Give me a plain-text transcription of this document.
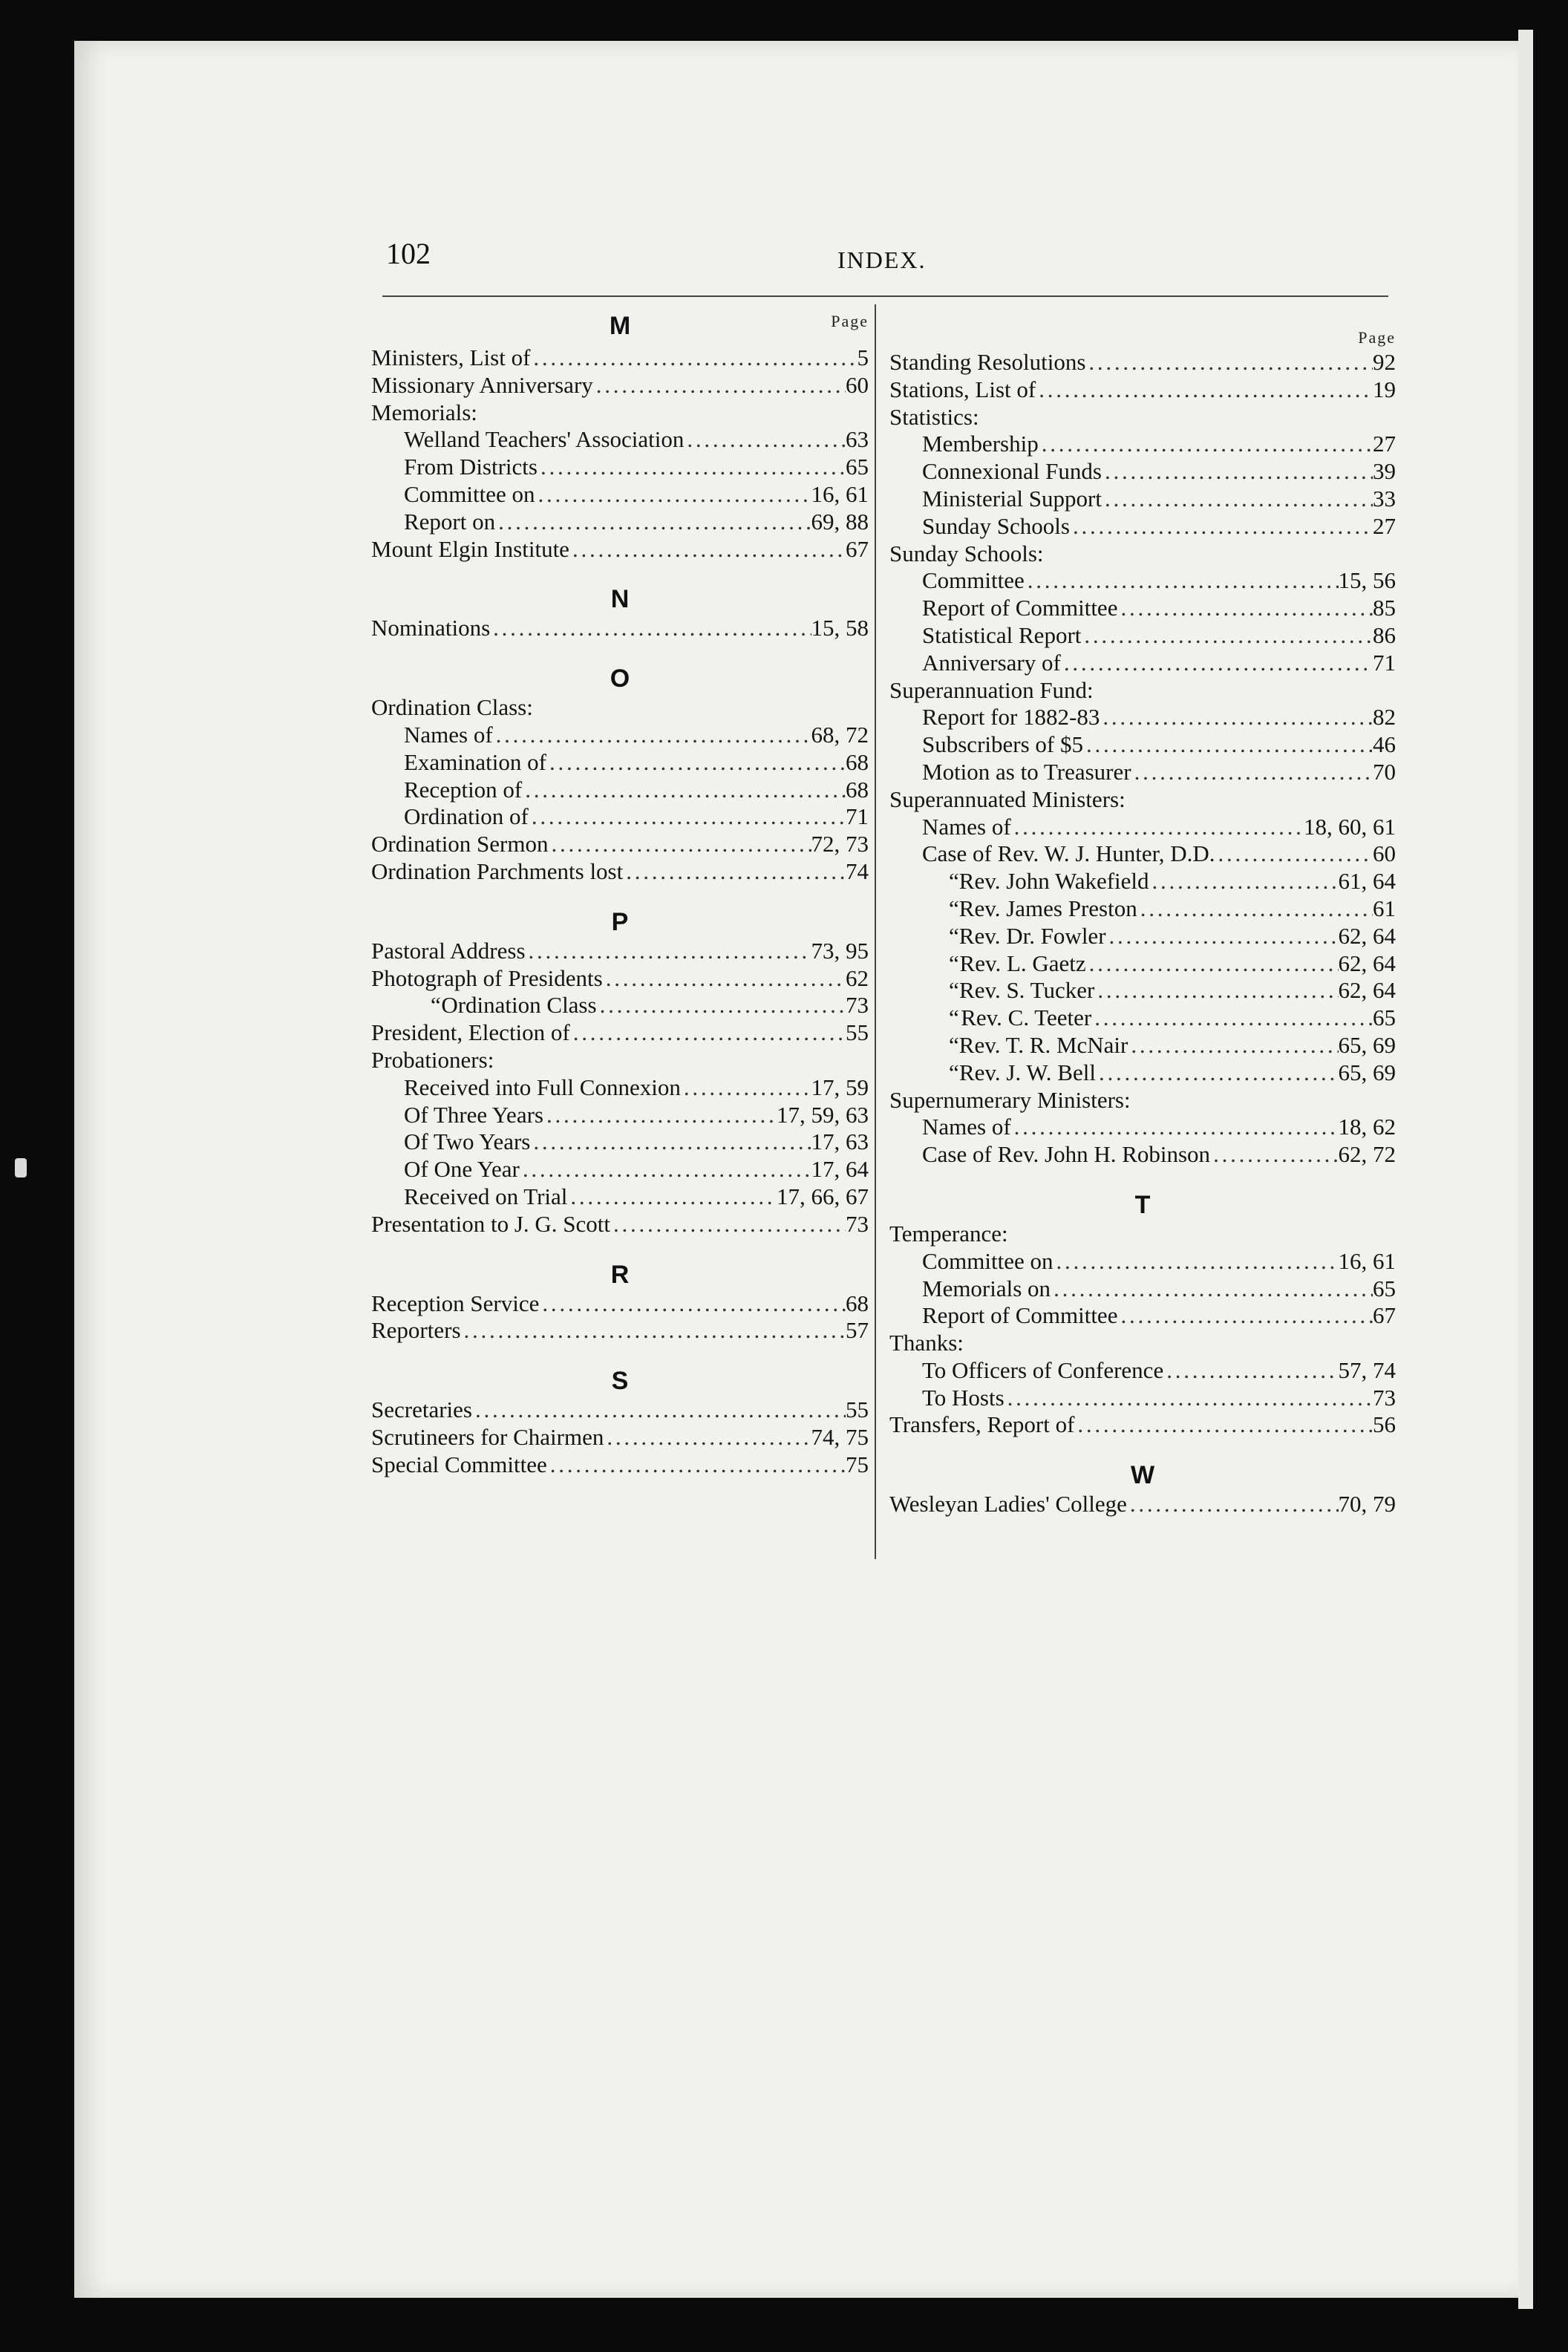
102	INDEX.
Page
M
Ministers, List of . . .	5
Missionary Anniversary . . .	60
Memorials:
Welland Teachers' Association . . .	63
From Districts . . .	65
Committee on . . .	16, 61
Report on . . .	69, 88
Mount Elgin Institute . . .	67
N
Nominations . . .	15, 58
O
Ordination Class:
Names of . . .	68, 72
Examination of . . .	68
Reception of . . .	68
Ordination of . . .	71
Ordination Sermon . . .	72, 73
Ordination Parchments lost . . .	74
P
Pastoral Address . . .	73, 95
Photograph of Presidents . . .	62
“ Ordination Class . . .	73
President, Election of . . .	55
Probationers:
Received into Full Connexion . . .	17, 59
Of Three Years . . .	17, 59, 63
Of Two Years . . .	17, 63
Of One Year . . .	17, 64
Received on Trial . . .	17, 66, 67
Presentation to J. G. Scott . . .	73
R
Reception Service . . .	68
Reporters . . .	57
S
Secretaries . . .	55
Scrutineers for Chairmen . . .	74, 75
Special Committee . . .	75
Page
Standing Resolutions . . .	92
Stations, List of . . .	19
Statistics:
Membership . . .	27
Connexional Funds . . .	39
Ministerial Support . . .	33
Sunday Schools . . .	27
Sunday Schools:
Committee . . .	15, 56
Report of Committee . . .	85
Statistical Report . . .	86
Anniversary of . . .	71
Superannuation Fund:
Report for 1882-83 . . .	82
Subscribers of $5 . . .	46
Motion as to Treasurer . . .	70
Superannuated Ministers:
Names of . . .	18, 60, 61
Case of Rev. W. J. Hunter, D.D. . . .	60
“ Rev. John Wakefield . . .	61, 64
“ Rev. James Preston . . .	61
“ Rev. Dr. Fowler . . .	62, 64
“ Rev. L. Gaetz . . .	62, 64
“ Rev. S. Tucker . . .	62, 64
“ Rev. C. Teeter . . .	65
“ Rev. T. R. McNair . . .	65, 69
“ Rev. J. W. Bell . . .	65, 69
Supernumerary Ministers:
Names of . . .	18, 62
Case of Rev. John H. Robinson . . .	62, 72
T
Temperance:
Committee on . . .	16, 61
Memorials on . . .	65
Report of Committee . . .	67
Thanks:
To Officers of Conference . . .	57, 74
To Hosts . . .	73
Transfers, Report of . . .	56
W
Wesleyan Ladies' College . . .	70, 79
